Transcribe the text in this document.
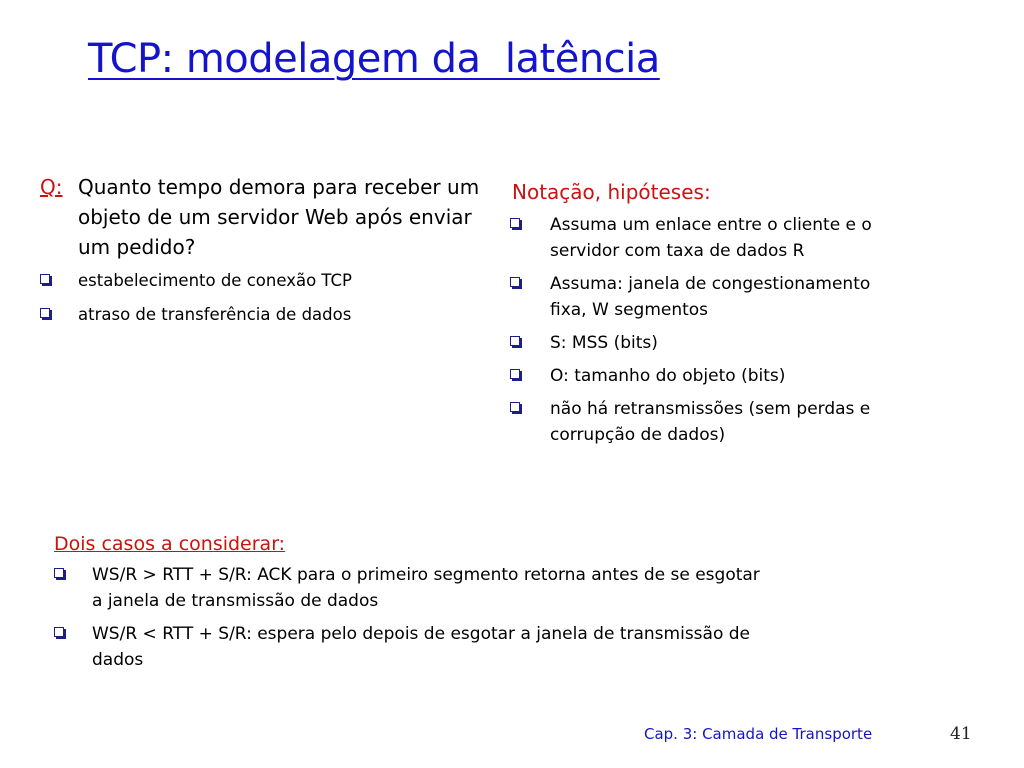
TCP: modelagem da  latência
Q: Quanto tempo demora para receber um objeto de um servidor Web após enviar um pedido?
estabelecimento de conexão TCP
atraso de transferência de dados
Notação, hipóteses:
Assuma um enlace entre o cliente e o servidor com taxa de dados R
Assuma: janela de congestionamento fixa, W segmentos
S: MSS (bits)
O: tamanho do objeto (bits)
não há retransmissões (sem perdas e corrupção de dados)
Dois casos a considerar:
WS/R > RTT + S/R: ACK para o primeiro segmento retorna antes de se esgotar a janela de transmissão de dados
WS/R < RTT + S/R: espera pelo depois de esgotar a janela de transmissão de dados
Cap. 3: Camada de Transporte	41
